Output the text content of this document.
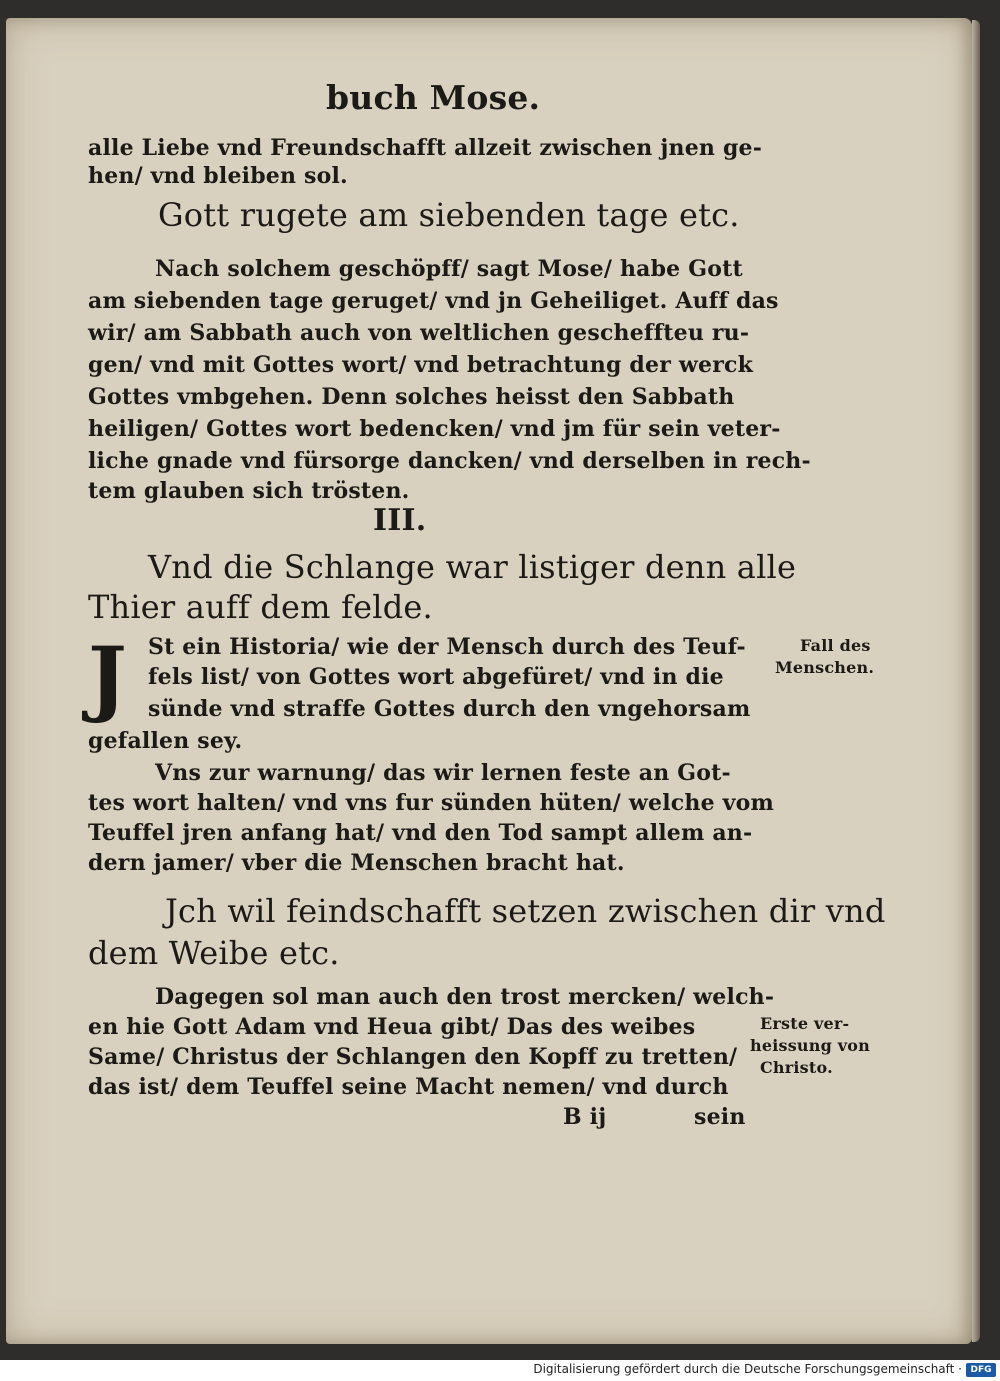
buch Mose.
alle Liebe vnd Freundschafft allzeit zwischen jnen ge-
hen/ vnd bleiben sol.
Gott rugete am siebenden tage etc.
Nach solchem geschöpff/ sagt Mose/ habe Gott
am siebenden tage geruget/ vnd jn Geheiliget. Auff das
wir/ am Sabbath auch von weltlichen gescheffteu ru-
gen/ vnd mit Gottes wort/ vnd betrachtung der werck
Gottes vmbgehen. Denn solches heisst den Sabbath
heiligen/ Gottes wort bedencken/ vnd jm für sein veter-
liche gnade vnd fürsorge dancken/ vnd derselben in rech-
tem glauben sich trösten.
III.
Vnd die Schlange war listiger denn alle
Thier auff dem felde.
J St ein Historia/ wie der Mensch durch des Teuf-
fels list/ von Gottes wort abgefüret/ vnd in die
sünde vnd straffe Gottes durch den vngehorsam
gefallen sey.
Vns zur warnung/ das wir lernen feste an Got-
tes wort halten/ vnd vns fur sünden hüten/ welche vom
Teuffel jren anfang hat/ vnd den Tod sampt allem an-
dern jamer/ vber die Menschen bracht hat.
Jch wil feindschafft setzen zwischen dir vnd
dem Weibe etc.
Dagegen sol man auch den trost mercken/ welch-
en hie Gott Adam vnd Heua gibt/ Das des weibes
Same/ Christus der Schlangen den Kopff zu tretten/
das ist/ dem Teuffel seine Macht nemen/ vnd durch
B ij	sein
Fall des
Menschen.
Erste ver-
heissung von
Christo.
Digitalisierung gefördert durch die Deutsche Forschungsgemeinschaft · DFG
